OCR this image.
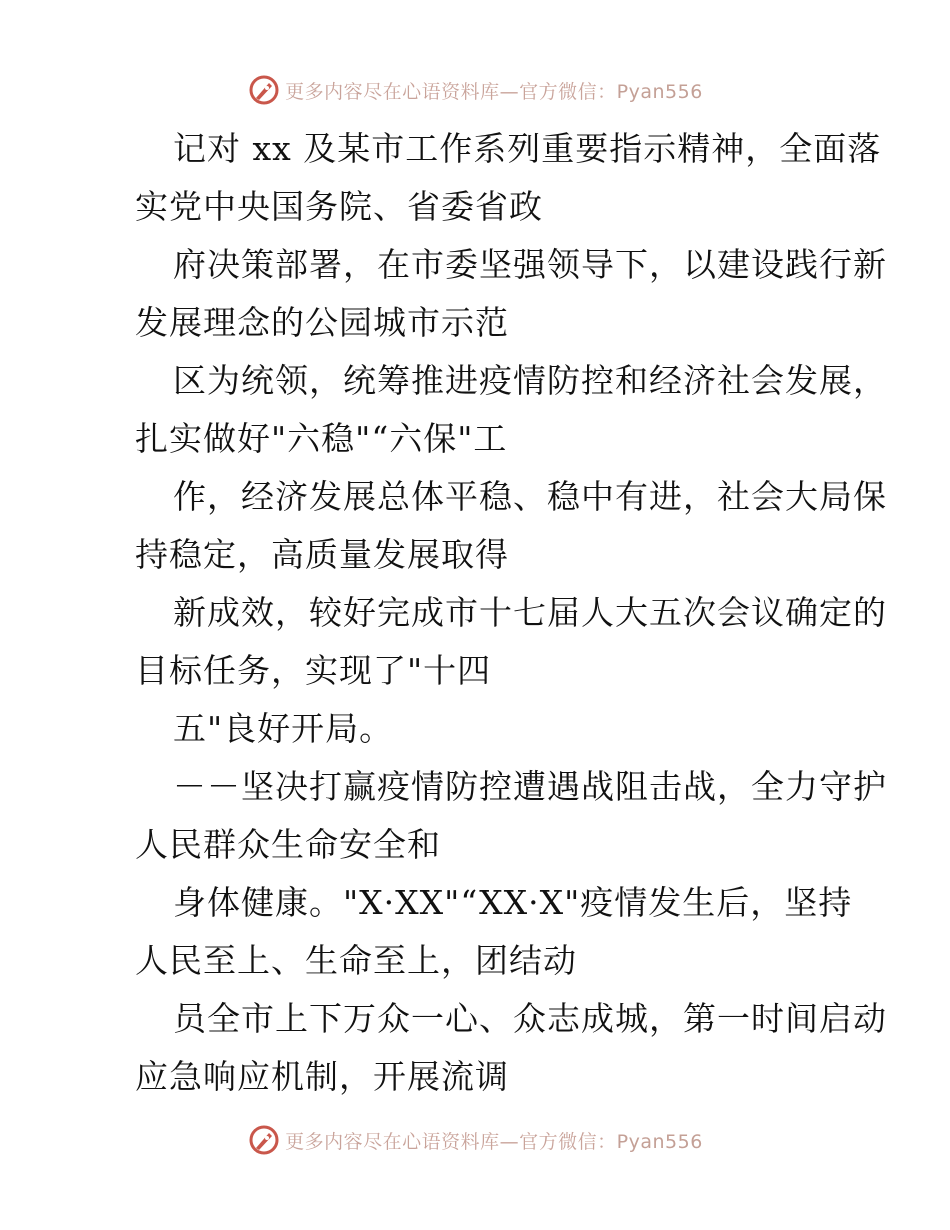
更多内容尽在心语资料库—官方微信：Pyan556

记对 xx 及某市工作系列重要指示精神，全面落
实党中央国务院、省委省政

府决策部署，在市委坚强领导下，以建设践行新
发展理念的公园城市示范

区为统领，统筹推进疫情防控和经济社会发展，
扎实做好"六稳"“六保"工

作，经济发展总体平稳、稳中有进，社会大局保
持稳定，高质量发展取得

新成效，较好完成市十七届人大五次会议确定的
目标任务，实现了"十四

五"良好开局。

－－坚决打赢疫情防控遭遇战阻击战，全力守护
人民群众生命安全和

身体健康。"X·XX"“XX·X"疫情发生后，坚持
人民至上、生命至上，团结动

员全市上下万众一心、众志成城，第一时间启动
应急响应机制，开展流调

更多内容尽在心语资料库—官方微信：Pyan556
